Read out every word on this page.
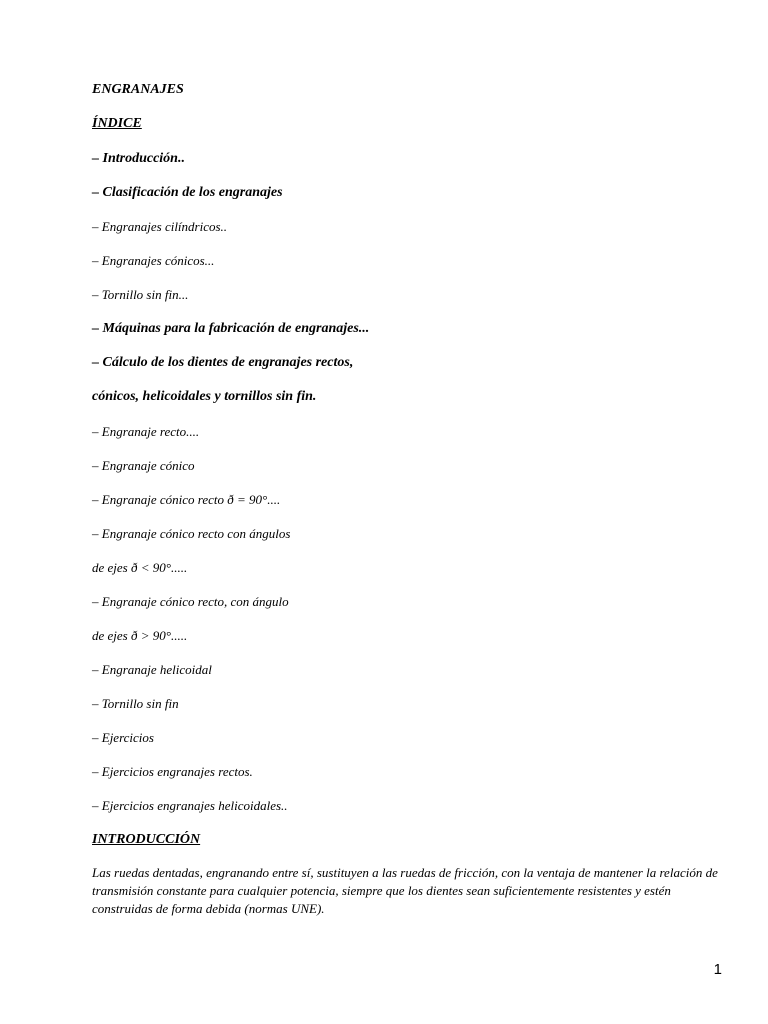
ENGRANAJES
ÍNDICE
– Introducción..
– Clasificación de los engranajes
– Engranajes cilíndricos..
– Engranajes cónicos...
– Tornillo sin fin...
– Máquinas para la fabricación de engranajes...
– Cálculo de los dientes de engranajes rectos,
cónicos, helicoidales y tornillos sin fin.
– Engranaje recto....
– Engranaje cónico
– Engranaje cónico recto ð = 90°....
– Engranaje cónico recto con ángulos
de ejes ð < 90°.....
– Engranaje cónico recto, con ángulo
de ejes ð > 90°.....
– Engranaje helicoidal
– Tornillo sin fin
– Ejercicios
– Ejercicios engranajes rectos.
– Ejercicios engranajes helicoidales..
INTRODUCCIÓN
Las ruedas dentadas, engranando entre sí, sustituyen a las ruedas de fricción, con la ventaja de mantener la relación de transmisión constante para cualquier potencia, siempre que los dientes sean suficientemente resistentes y estén construidas de forma debida (normas UNE).
1
